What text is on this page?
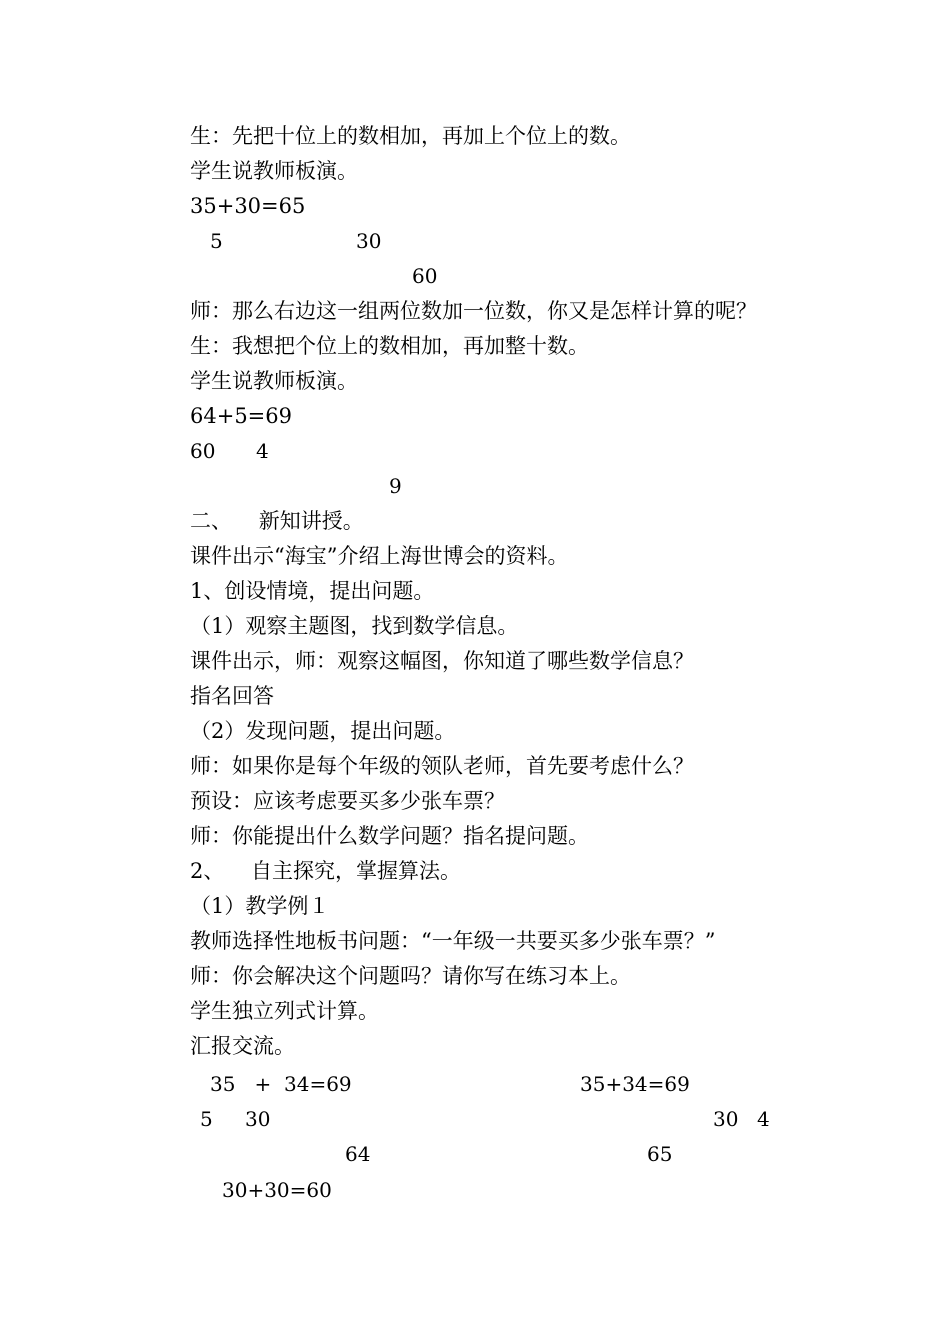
生：先把十位上的数相加，再加上个位上的数。

学生说教师板演。

35+30=65

5	30
60

师：那么右边这一组两位数加一位数，你又是怎样计算的呢？

生：我想把个位上的数相加，再加整十数。

学生说教师板演。

64+5=69

60 4
9

二、    新知讲授。

课件出示“海宝”介绍上海世博会的资料。

1、创设情境，提出问题。

（1）观察主题图，找到数学信息。

课件出示，师：观察这幅图，你知道了哪些数学信息？

指名回答

（2）发现问题，提出问题。

师：如果你是每个年级的领队老师，首先要考虑什么？

预设：应该考虑要买多少张车票？

师：你能提出什么数学问题？指名提问题。

2、    自主探究，掌握算法。

（1）教学例１

教师选择性地板书问题：“一年级一共要买多少张车票？”

师：你会解决这个问题吗？请你写在练习本上。

学生独立列式计算。

汇报交流。

35   +  34=69	35+34=69
5 30	30 4
64	65
30+30=60
